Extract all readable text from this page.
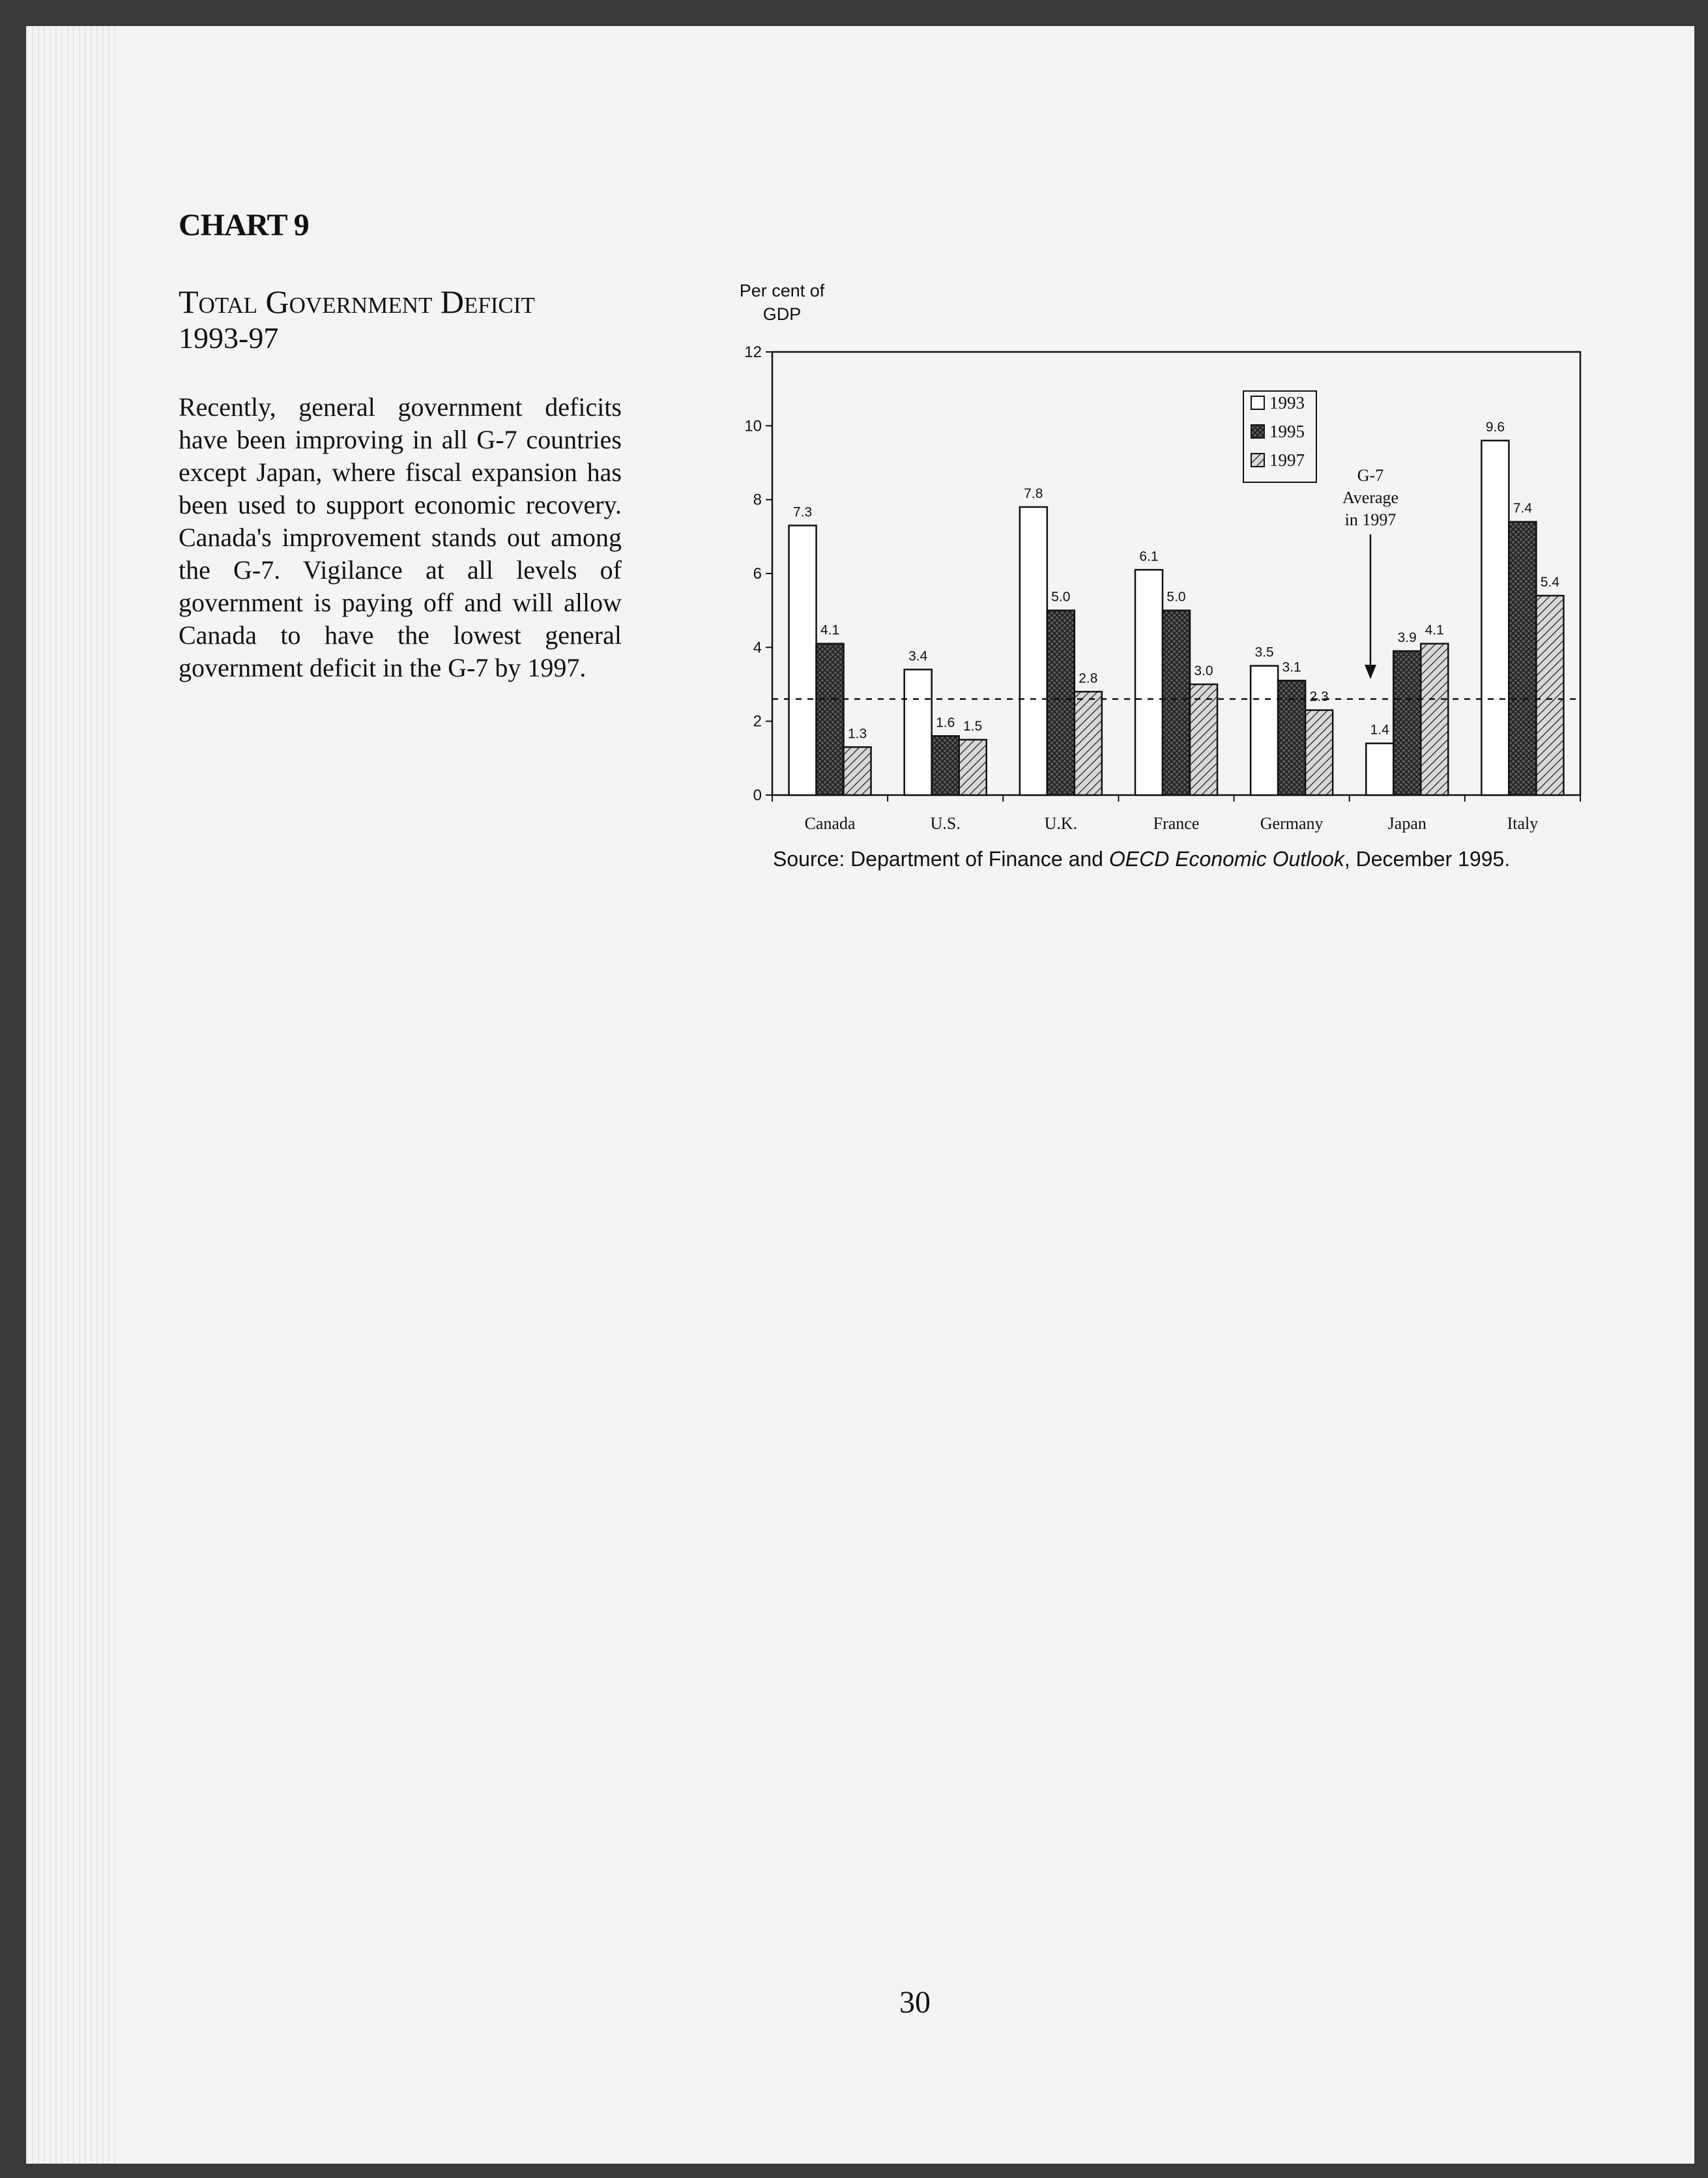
CHART 9
Total Government Deficit
1993-97
Recently, general government deficits have been improving in all G-7 countries except Japan, where fiscal expansion has been used to support economic recovery. Canada's improvement stands out among the G-7. Vigilance at all levels of government is paying off and will allow Canada to have the lowest general government deficit in the G-7 by 1997.
Per cent of
GDP
0
2
4
6
8
10
12
7.3
4.1
1.3
3.4
1.6 1.5
7.8
5.0
2.8
6.1
5.0
3.0
3.5
3.1
2.3
1.4
3.9 4.1
9.6
7.4
5.4
Canada	U.S.	U.K.	France	Germany	Japan	Italy
G-7
Average
in 1997
1993
1995
1997
Source: Department of Finance and OECD Economic Outlook, December 1995.
30
